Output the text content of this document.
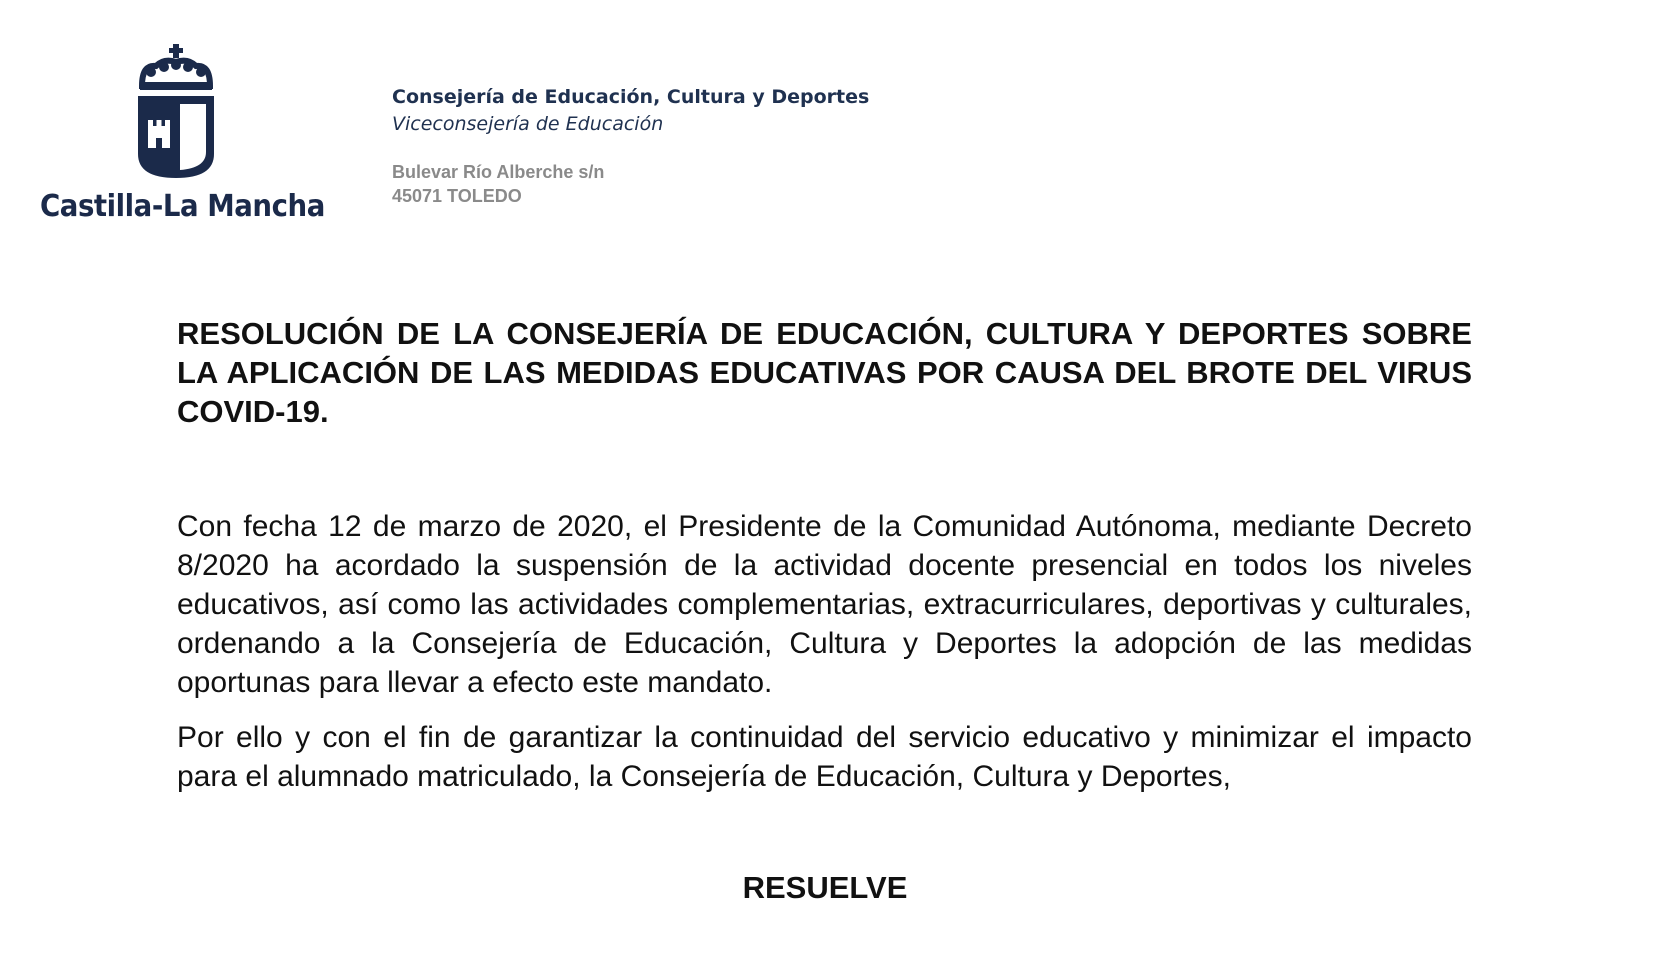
Castilla-La Mancha
Consejería de Educación, Cultura y Deportes
Viceconsejería de Educación
Bulevar Río Alberche s/n
45071 TOLEDO
RESOLUCIÓN DE LA CONSEJERÍA DE EDUCACIÓN, CULTURA Y DEPORTES SOBRE LA APLICACIÓN DE LAS MEDIDAS EDUCATIVAS POR CAUSA DEL BROTE DEL VIRUS COVID-19.
Con fecha 12 de marzo de 2020, el Presidente de la Comunidad Autónoma, mediante Decreto 8/2020 ha acordado la suspensión de la actividad docente presencial en todos los niveles educativos, así como las actividades complementarias, extracurriculares, deportivas y culturales, ordenando a la Consejería de Educación, Cultura y Deportes la adopción de las medidas oportunas para llevar a efecto este mandato.
Por ello y con el fin de garantizar la continuidad del servicio educativo y minimizar el impacto para el alumnado matriculado, la Consejería de Educación, Cultura y Deportes,
RESUELVE
